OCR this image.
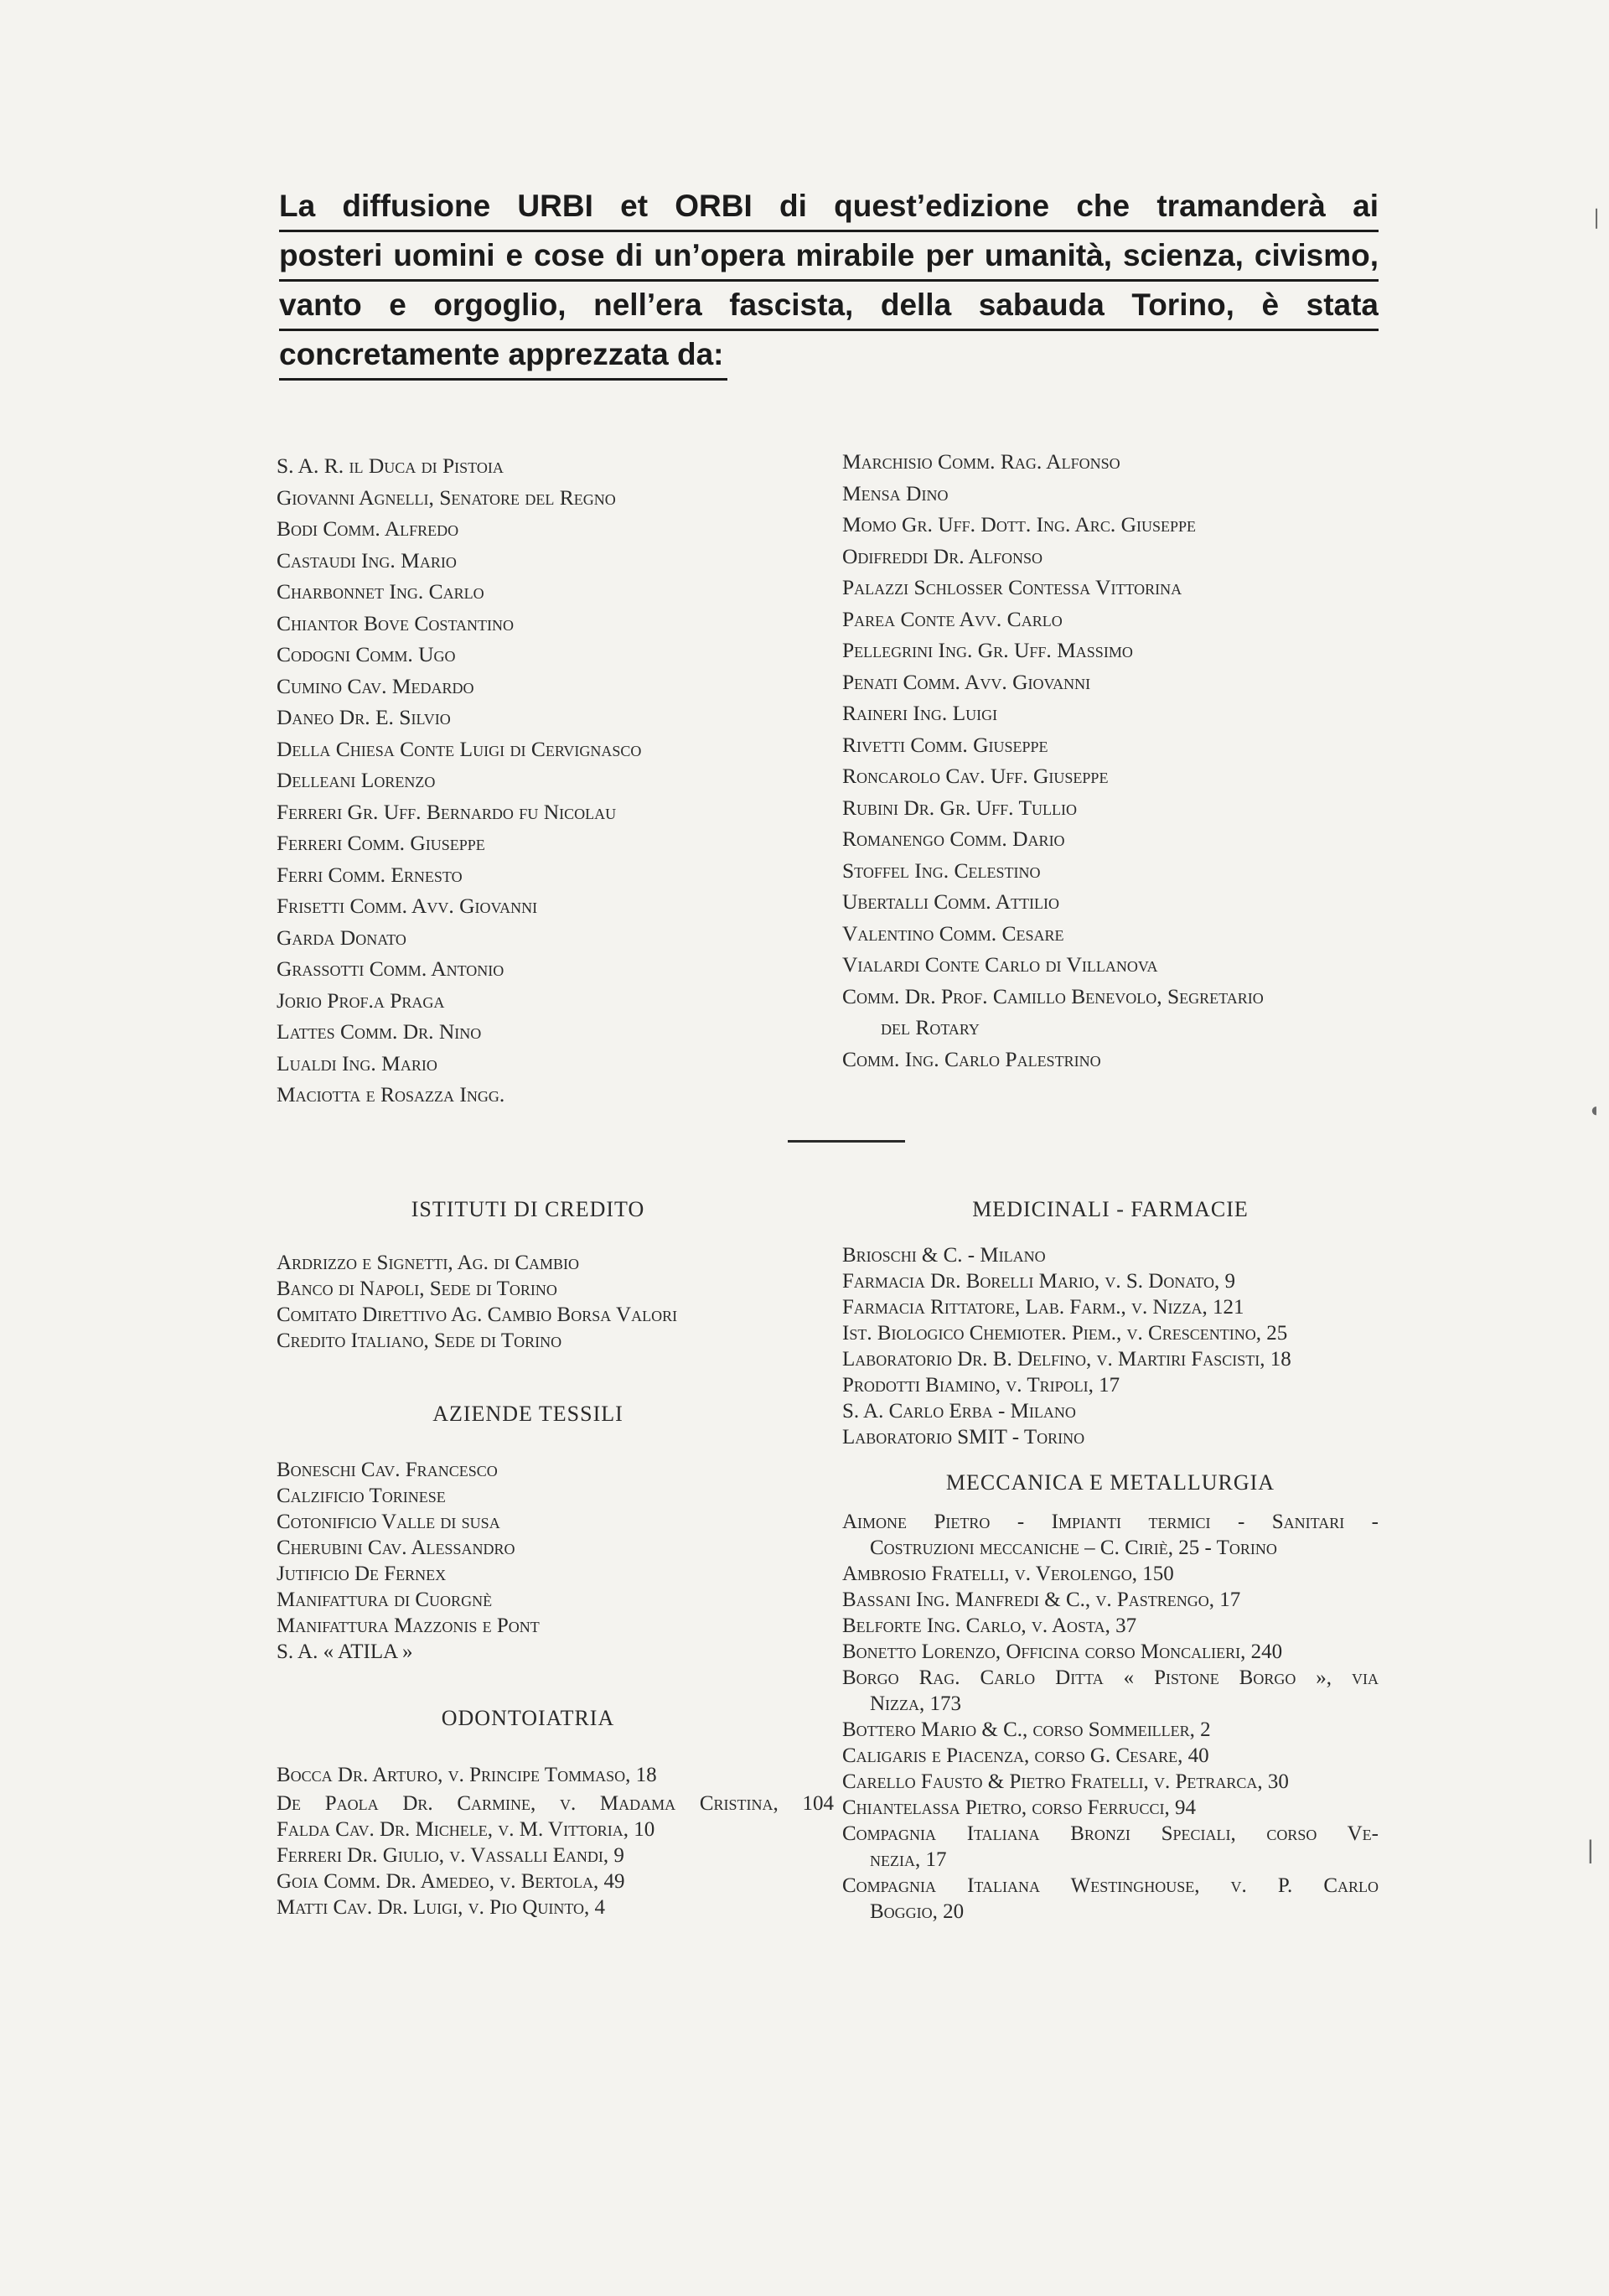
La diffusione URBI et ORBI di quest’edizione che tramanderà ai
posteri uomini e cose di un’opera mirabile per umanità, scienza, civismo,
vanto e orgoglio, nell’era fascista, della sabauda Torino, è stata
concretamente apprezzata da:
S. A. R. il Duca di Pistoia
Giovanni Agnelli, Senatore del Regno
Bodi Comm. Alfredo
Castaudi Ing. Mario
Charbonnet Ing. Carlo
Chiantor Bove Costantino
Codogni Comm. Ugo
Cumino Cav. Medardo
Daneo Dr. E. Silvio
Della Chiesa Conte Luigi di Cervignasco
Delleani Lorenzo
Ferreri Gr. Uff. Bernardo fu Nicolau
Ferreri Comm. Giuseppe
Ferri Comm. Ernesto
Frisetti Comm. Avv. Giovanni
Garda Donato
Grassotti Comm. Antonio
Jorio Prof.a Praga
Lattes Comm. Dr. Nino
Lualdi Ing. Mario
Maciotta e Rosazza Ingg.
Marchisio Comm. Rag. Alfonso
Mensa Dino
Momo Gr. Uff. Dott. Ing. Arc. Giuseppe
Odifreddi Dr. Alfonso
Palazzi Schlosser Contessa Vittorina
Parea Conte Avv. Carlo
Pellegrini Ing. Gr. Uff. Massimo
Penati Comm. Avv. Giovanni
Raineri Ing. Luigi
Rivetti Comm. Giuseppe
Roncarolo Cav. Uff. Giuseppe
Rubini Dr. Gr. Uff. Tullio
Romanengo Comm. Dario
Stoffel Ing. Celestino
Ubertalli Comm. Attilio
Valentino Comm. Cesare
Vialardi Conte Carlo di Villanova
Comm. Dr. Prof. Camillo Benevolo, Segretario
del Rotary
Comm. Ing. Carlo Palestrino
ISTITUTI DI CREDITO
Ardrizzo e Signetti, Ag. di Cambio
Banco di Napoli, Sede di Torino
Comitato Direttivo Ag. Cambio Borsa Valori
Credito Italiano, Sede di Torino
AZIENDE TESSILI
Boneschi Cav. Francesco
Calzificio Torinese
Cotonificio Valle di susa
Cherubini Cav. Alessandro
Jutificio De Fernex
Manifattura di Cuorgnè
Manifattura Mazzonis e Pont
S. A. « ATILA »
ODONTOIATRIA
Bocca Dr. Arturo, v. Principe Tommaso, 18
De Paola Dr. Carmine, v. Madama Cristina, 104
Falda Cav. Dr. Michele, v. M. Vittoria, 10
Ferreri Dr. Giulio, v. Vassalli Eandi, 9
Goia Comm. Dr. Amedeo, v. Bertola, 49
Matti Cav. Dr. Luigi, v. Pio Quinto, 4
MEDICINALI - FARMACIE
Brioschi & C. - Milano
Farmacia Dr. Borelli Mario, v. S. Donato, 9
Farmacia Rittatore, Lab. Farm., v. Nizza, 121
Ist. Biologico Chemioter. Piem., v. Crescentino, 25
Laboratorio Dr. B. Delfino, v. Martiri Fascisti, 18
Prodotti Biamino, v. Tripoli, 17
S. A. Carlo Erba - Milano
Laboratorio SMIT - Torino
MECCANICA E METALLURGIA
Aimone Pietro - Impianti termici - Sanitari -
Costruzioni meccaniche – C. Ciriè, 25 - Torino
Ambrosio Fratelli, v. Verolengo, 150
Bassani Ing. Manfredi & C., v. Pastrengo, 17
Belforte Ing. Carlo, v. Aosta, 37
Bonetto Lorenzo, Officina corso Moncalieri, 240
Borgo Rag. Carlo Ditta « Pistone Borgo », via
Nizza, 173
Bottero Mario & C., corso Sommeiller, 2
Caligaris e Piacenza, corso G. Cesare, 40
Carello Fausto & Pietro Fratelli, v. Petrarca, 30
Chiantelassa Pietro, corso Ferrucci, 94
Compagnia Italiana Bronzi Speciali, corso Ve-
nezia, 17
Compagnia Italiana Westinghouse, v. P. Carlo
Boggio, 20
❘
◖
▏
